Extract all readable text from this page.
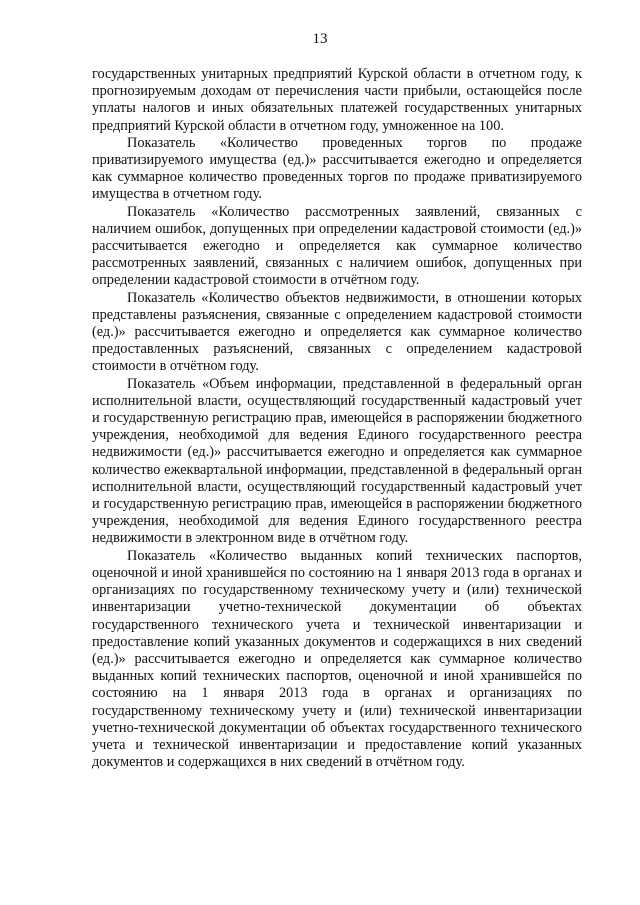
13

государственных унитарных предприятий Курской области в отчетном году, к прогнозируемым доходам от перечисления части прибыли, остающейся после уплаты налогов и иных обязательных платежей государственных унитарных предприятий Курской области в отчетном году, умноженное на 100.

Показатель «Количество проведенных торгов по продаже приватизируемого имущества (ед.)» рассчитывается ежегодно и определяется как суммарное количество проведенных торгов по продаже приватизируемого имущества в отчетном году.

Показатель «Количество рассмотренных заявлений, связанных с наличием ошибок, допущенных при определении кадастровой стоимости (ед.)» рассчитывается ежегодно и определяется как суммарное количество рассмотренных заявлений, связанных с наличием ошибок, допущенных при определении кадастровой стоимости в отчётном году.

Показатель «Количество объектов недвижимости, в отношении которых представлены разъяснения, связанные с определением кадастровой стоимости (ед.)» рассчитывается ежегодно и определяется как суммарное количество предоставленных разъяснений, связанных с определением кадастровой стоимости в отчётном году.

Показатель «Объем информации, представленной в федеральный орган исполнительной власти, осуществляющий государственный кадастровый учет и государственную регистрацию прав, имеющейся в распоряжении бюджетного учреждения, необходимой для ведения Единого государственного реестра недвижимости (ед.)» рассчитывается ежегодно и определяется как суммарное количество ежеквартальной информации, представленной в федеральный орган исполнительной власти, осуществляющий государственный кадастровый учет и государственную регистрацию прав, имеющейся в распоряжении бюджетного учреждения, необходимой для ведения Единого государственного реестра недвижимости в электронном виде в отчётном году.

Показатель «Количество выданных копий технических паспортов, оценочной и иной хранившейся по состоянию на 1 января 2013 года в органах и организациях по государственному техническому учету и (или) технической инвентаризации учетно-технической документации об объектах государственного технического учета и технической инвентаризации и предоставление копий указанных документов и содержащихся в них сведений (ед.)» рассчитывается ежегодно и определяется как суммарное количество выданных копий технических паспортов, оценочной и иной хранившейся по состоянию на 1 января 2013 года в органах и организациях по государственному техническому учету и (или) технической инвентаризации учетно-технической документации об объектах государственного технического учета и технической инвентаризации и предоставление копий указанных документов и содержащихся в них сведений в отчётном году.
